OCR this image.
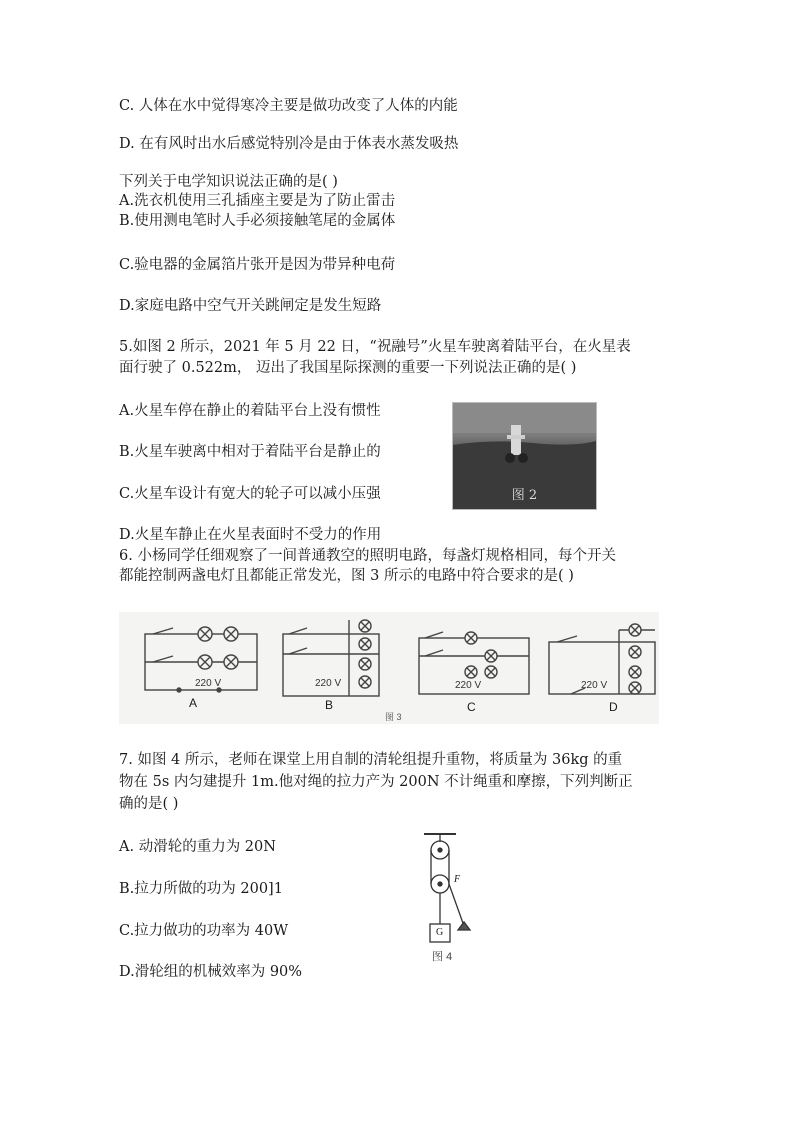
C. 人体在水中觉得寒冷主要是做功改变了人体的内能
D. 在有风时出水后感觉特别冷是由于体表水蒸发吸热
下列关于电学知识说法正确的是( )
A.洗衣机使用三孔插座主要是为了防止雷击
B.使用测电笔时人手必须接触笔尾的金属体
C.验电器的金属箔片张开是因为带异种电荷
D.家庭电路中空气开关跳闸定是发生短路
5.如图 2 所示，2021 年 5 月 22 日，“祝融号”火星车驶离着陆平台，在火星表
面行驶了 0.522m， 迈出了我国星际探测的重要一下列说法正确的是( )
A.火星车停在静止的着陆平台上没有惯性
B.火星车驶离中相对于着陆平台是静止的
C.火星车设计有宽大的轮子可以减小压强
D.火星车静止在火星表面时不受力的作用
图 2
6. 小杨同学任细观察了一间普通教空的照明电路，每盏灯规格相同，每个开关
都能控制两盏电灯且都能正常发光，图 3 所示的电路中符合要求的是( )
220 V	220 V	220 V	220 V
A	B	C	D
图 3
7. 如图 4 所示，老师在课堂上用自制的清轮组提升重物，将质量为 36kg 的重
物在 5s 内匀建提升 1m.他对绳的拉力产为 200N 不计绳重和摩擦，下列判断正
确的是( )
A. 动滑轮的重力为 20N
B.拉力所做的功为 200]1
C.拉力做功的功率为 40W
D.滑轮组的机械效率为 90%
F
G
图 4
